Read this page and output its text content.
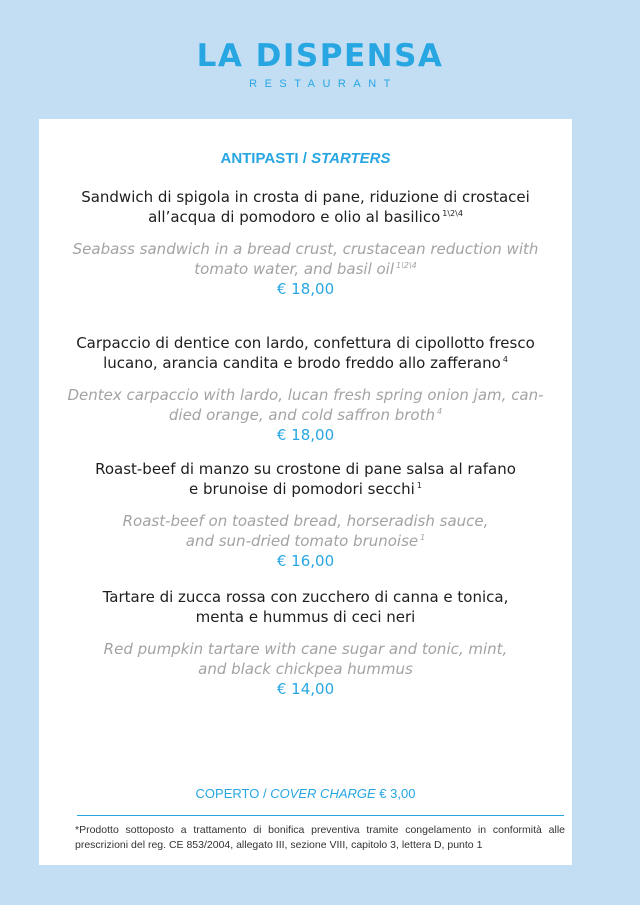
LA DISPENSA
RESTAURANT
ANTIPASTI / STARTERS
Sandwich di spigola in crosta di pane, riduzione di crostacei
all’acqua di pomodoro e olio al basilico $^{1\backslash 2\backslash 4}$
Seabass sandwich in a bread crust, crustacean reduction with
tomato water, and basil oil $^{1\backslash 2\backslash 4}$
€ 18,00
Carpaccio di dentice con lardo, confettura di cipollotto fresco
lucano, arancia candita e brodo freddo allo zafferano $^4$
Dentex carpaccio with lardo, lucan fresh spring onion jam, can-
died orange, and cold saffron broth $^4$
€ 18,00
Roast-beef di manzo su crostone di pane salsa al rafano
e brunoise di pomodori secchi $^1$
Roast-beef on toasted bread, horseradish sauce,
and sun-dried tomato brunoise $^1$
€ 16,00
Tartare di zucca rossa con zucchero di canna e tonica,
menta e hummus di ceci neri
Red pumpkin tartare with cane sugar and tonic, mint,
and black chickpea hummus
€ 14,00
COPERTO / COVER CHARGE € 3,00
*Prodotto sottoposto a trattamento di bonifica preventiva tramite congelamento in conformità alle prescrizioni del reg. CE 853/2004, allegato III, sezione VIII, capitolo 3, lettera D, punto 1
